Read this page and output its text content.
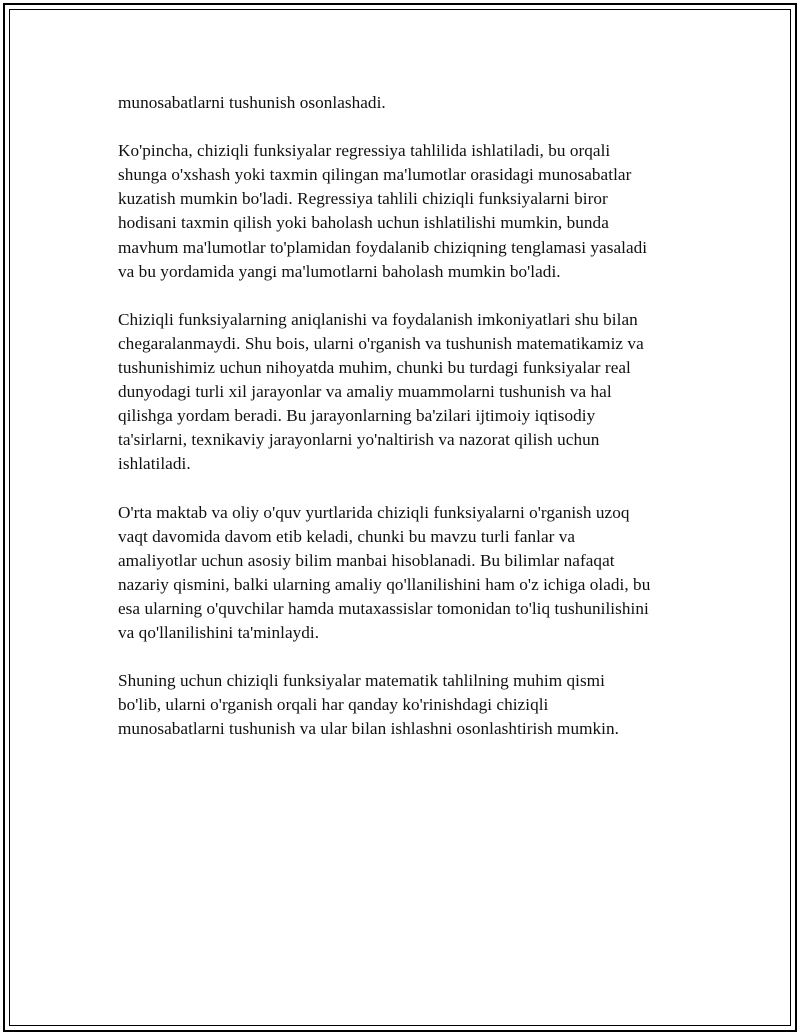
munosabatlarni tushunish osonlashadi.

Ko'pincha, chiziqli funksiyalar regressiya tahlilida ishlatiladi, bu orqali
shunga o'xshash yoki taxmin qilingan ma'lumotlar orasidagi munosabatlar
kuzatish mumkin bo'ladi. Regressiya tahlili chiziqli funksiyalarni biror
hodisani taxmin qilish yoki baholash uchun ishlatilishi mumkin, bunda
mavhum ma'lumotlar to'plamidan foydalanib chiziqning tenglamasi yasaladi
va bu yordamida yangi ma'lumotlarni baholash mumkin bo'ladi.

Chiziqli funksiyalarning aniqlanishi va foydalanish imkoniyatlari shu bilan
chegaralanmaydi. Shu bois, ularni o'rganish va tushunish matematikamiz va
tushunishimiz uchun nihoyatda muhim, chunki bu turdagi funksiyalar real
dunyodagi turli xil jarayonlar va amaliy muammolarni tushunish va hal
qilishga yordam beradi. Bu jarayonlarning ba'zilari ijtimoiy iqtisodiy
ta'sirlarni, texnikaviy jarayonlarni yo'naltirish va nazorat qilish uchun
ishlatiladi.

O'rta maktab va oliy o'quv yurtlarida chiziqli funksiyalarni o'rganish uzoq
vaqt davomida davom etib keladi, chunki bu mavzu turli fanlar va
amaliyotlar uchun asosiy bilim manbai hisoblanadi. Bu bilimlar nafaqat
nazariy qismini, balki ularning amaliy qo'llanilishini ham o'z ichiga oladi, bu
esa ularning o'quvchilar hamda mutaxassislar tomonidan to'liq tushunilishini
va qo'llanilishini ta'minlaydi.

Shuning uchun chiziqli funksiyalar matematik tahlilning muhim qismi
bo'lib, ularni o'rganish orqali har qanday ko'rinishdagi chiziqli
munosabatlarni tushunish va ular bilan ishlashni osonlashtirish mumkin.
